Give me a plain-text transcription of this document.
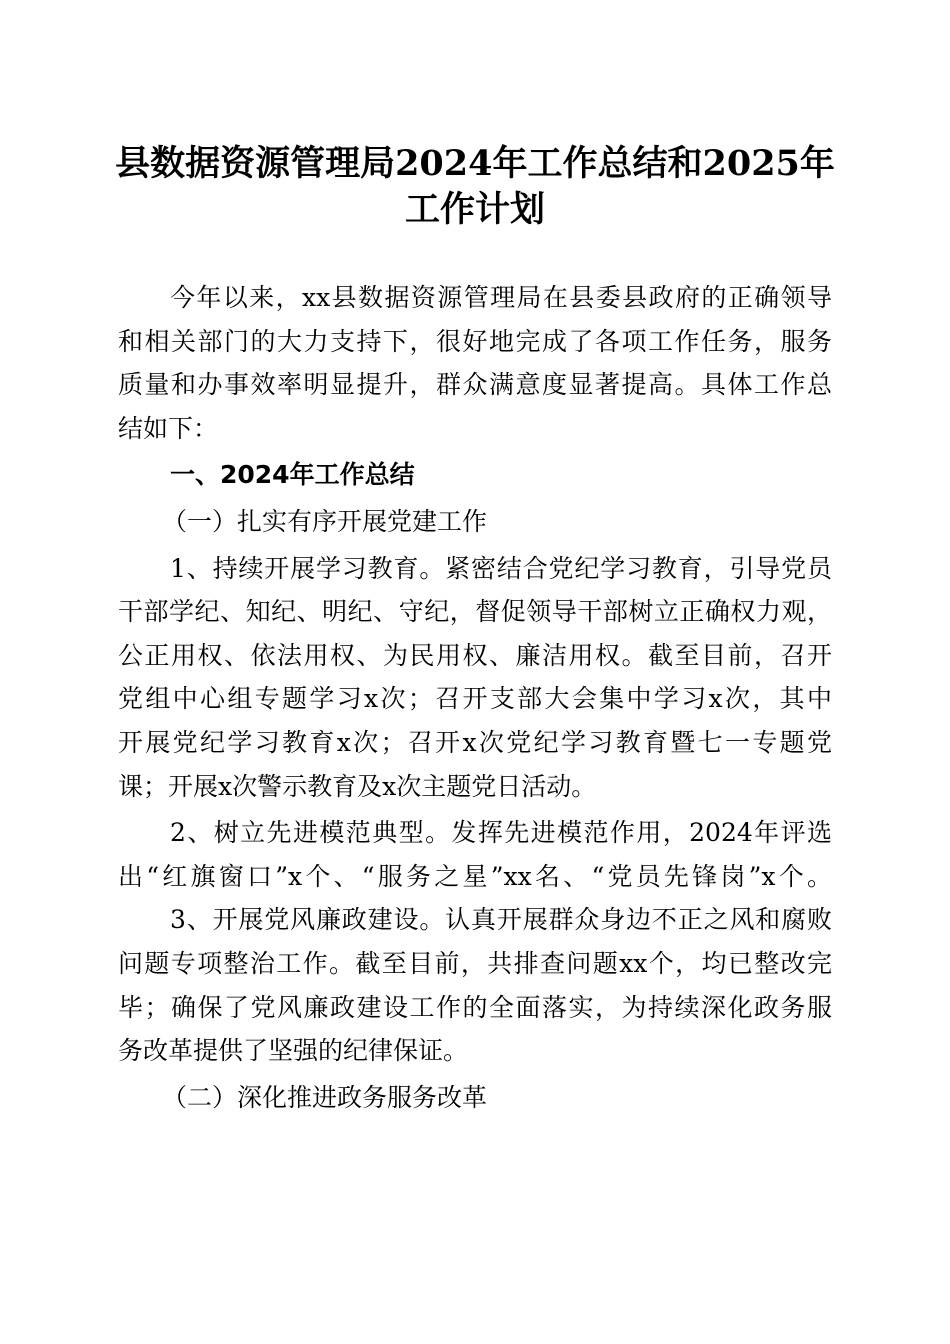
县数据资源管理局2024年工作总结和2025年
工作计划
今年以来，xx县数据资源管理局在县委县政府的正确领导
和相关部门的大力支持下，很好地完成了各项工作任务，服务
质量和办事效率明显提升，群众满意度显著提高。具体工作总
结如下：
一、2024年工作总结
（一）扎实有序开展党建工作
1、持续开展学习教育。紧密结合党纪学习教育，引导党员
干部学纪、知纪、明纪、守纪，督促领导干部树立正确权力观，
公正用权、依法用权、为民用权、廉洁用权。截至目前，召开
党组中心组专题学习x次；召开支部大会集中学习x次，其中
开展党纪学习教育x次；召开x次党纪学习教育暨七一专题党
课；开展x次警示教育及x次主题党日活动。
2、树立先进模范典型。发挥先进模范作用，2024年评选
出“红旗窗口”x个、“服务之星”xx名、“党员先锋岗”x个。
3、开展党风廉政建设。认真开展群众身边不正之风和腐败
问题专项整治工作。截至目前，共排查问题xx个，均已整改完
毕；确保了党风廉政建设工作的全面落实，为持续深化政务服
务改革提供了坚强的纪律保证。
（二）深化推进政务服务改革
